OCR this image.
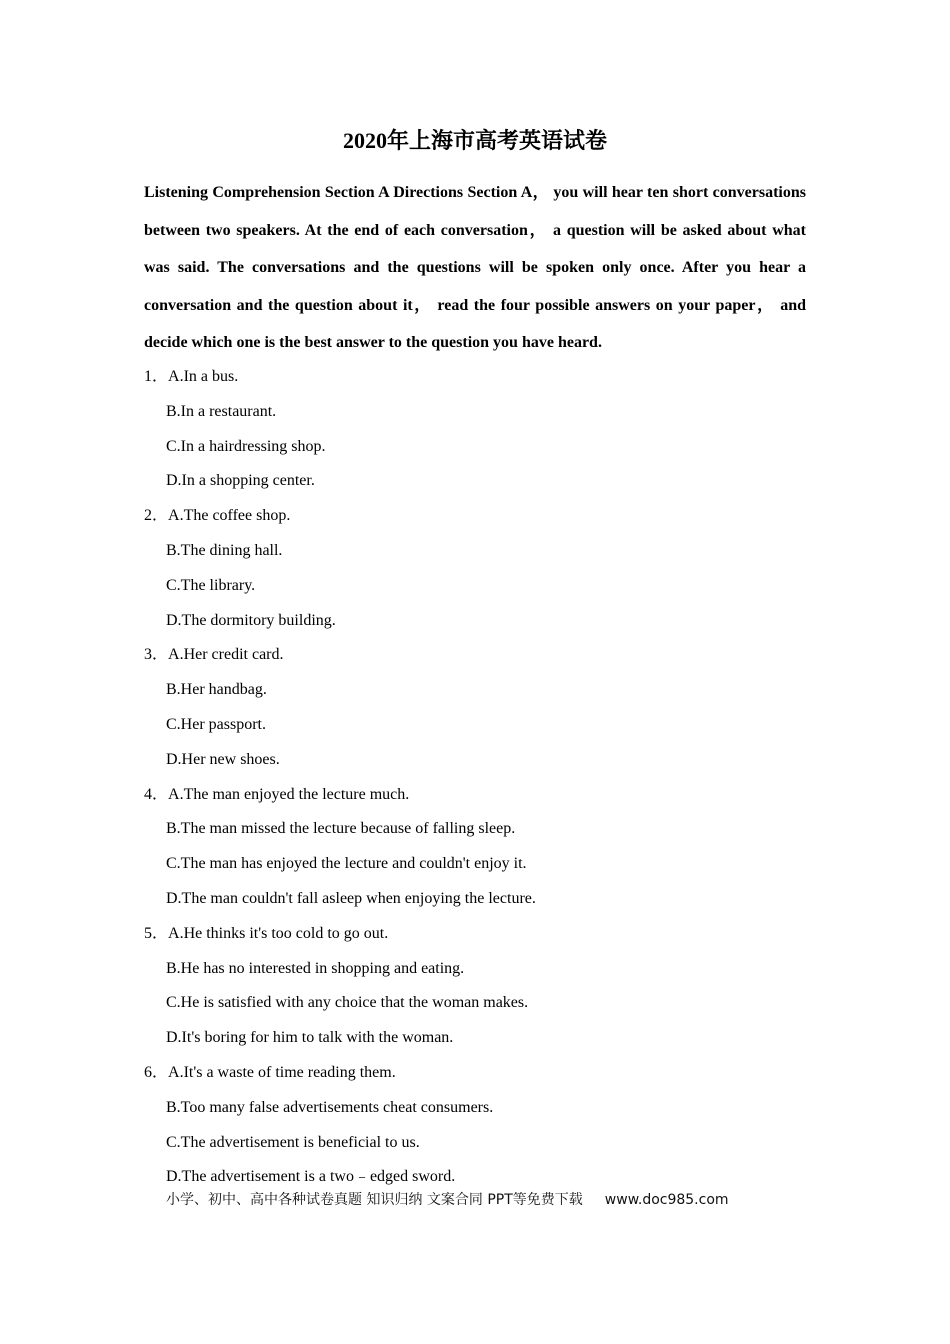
2020年上海市高考英语试卷

Listening Comprehension Section A Directions Section A， you will hear ten short conversations between two speakers. At the end of each conversation， a question will be asked about what was said. The conversations and the questions will be spoken only once. After you hear a conversation and the question about it， read the four possible answers on your paper， and decide which one is the best answer to the question you have heard.

1．A.In a bus.
B.In a restaurant.
C.In a hairdressing shop.
D.In a shopping center.
2．A.The coffee shop.
B.The dining hall.
C.The library.
D.The dormitory building.
3．A.Her credit card.
B.Her handbag.
C.Her passport.
D.Her new shoes.
4．A.The man enjoyed the lecture much.
B.The man missed the lecture because of falling sleep.
C.The man has enjoyed the lecture and couldn't enjoy it.
D.The man couldn't fall asleep when enjoying the lecture.
5．A.He thinks it's too cold to go out.
B.He has no interested in shopping and eating.
C.He is satisfied with any choice that the woman makes.
D.It's boring for him to talk with the woman.
6．A.It's a waste of time reading them.
B.Too many false advertisements cheat consumers.
C.The advertisement is beneficial to us.
D.The advertisement is a two﹣edged sword.
小学、初中、高中各种试卷真题 知识归纳 文案合同 PPT等免费下载 www.doc985.com
